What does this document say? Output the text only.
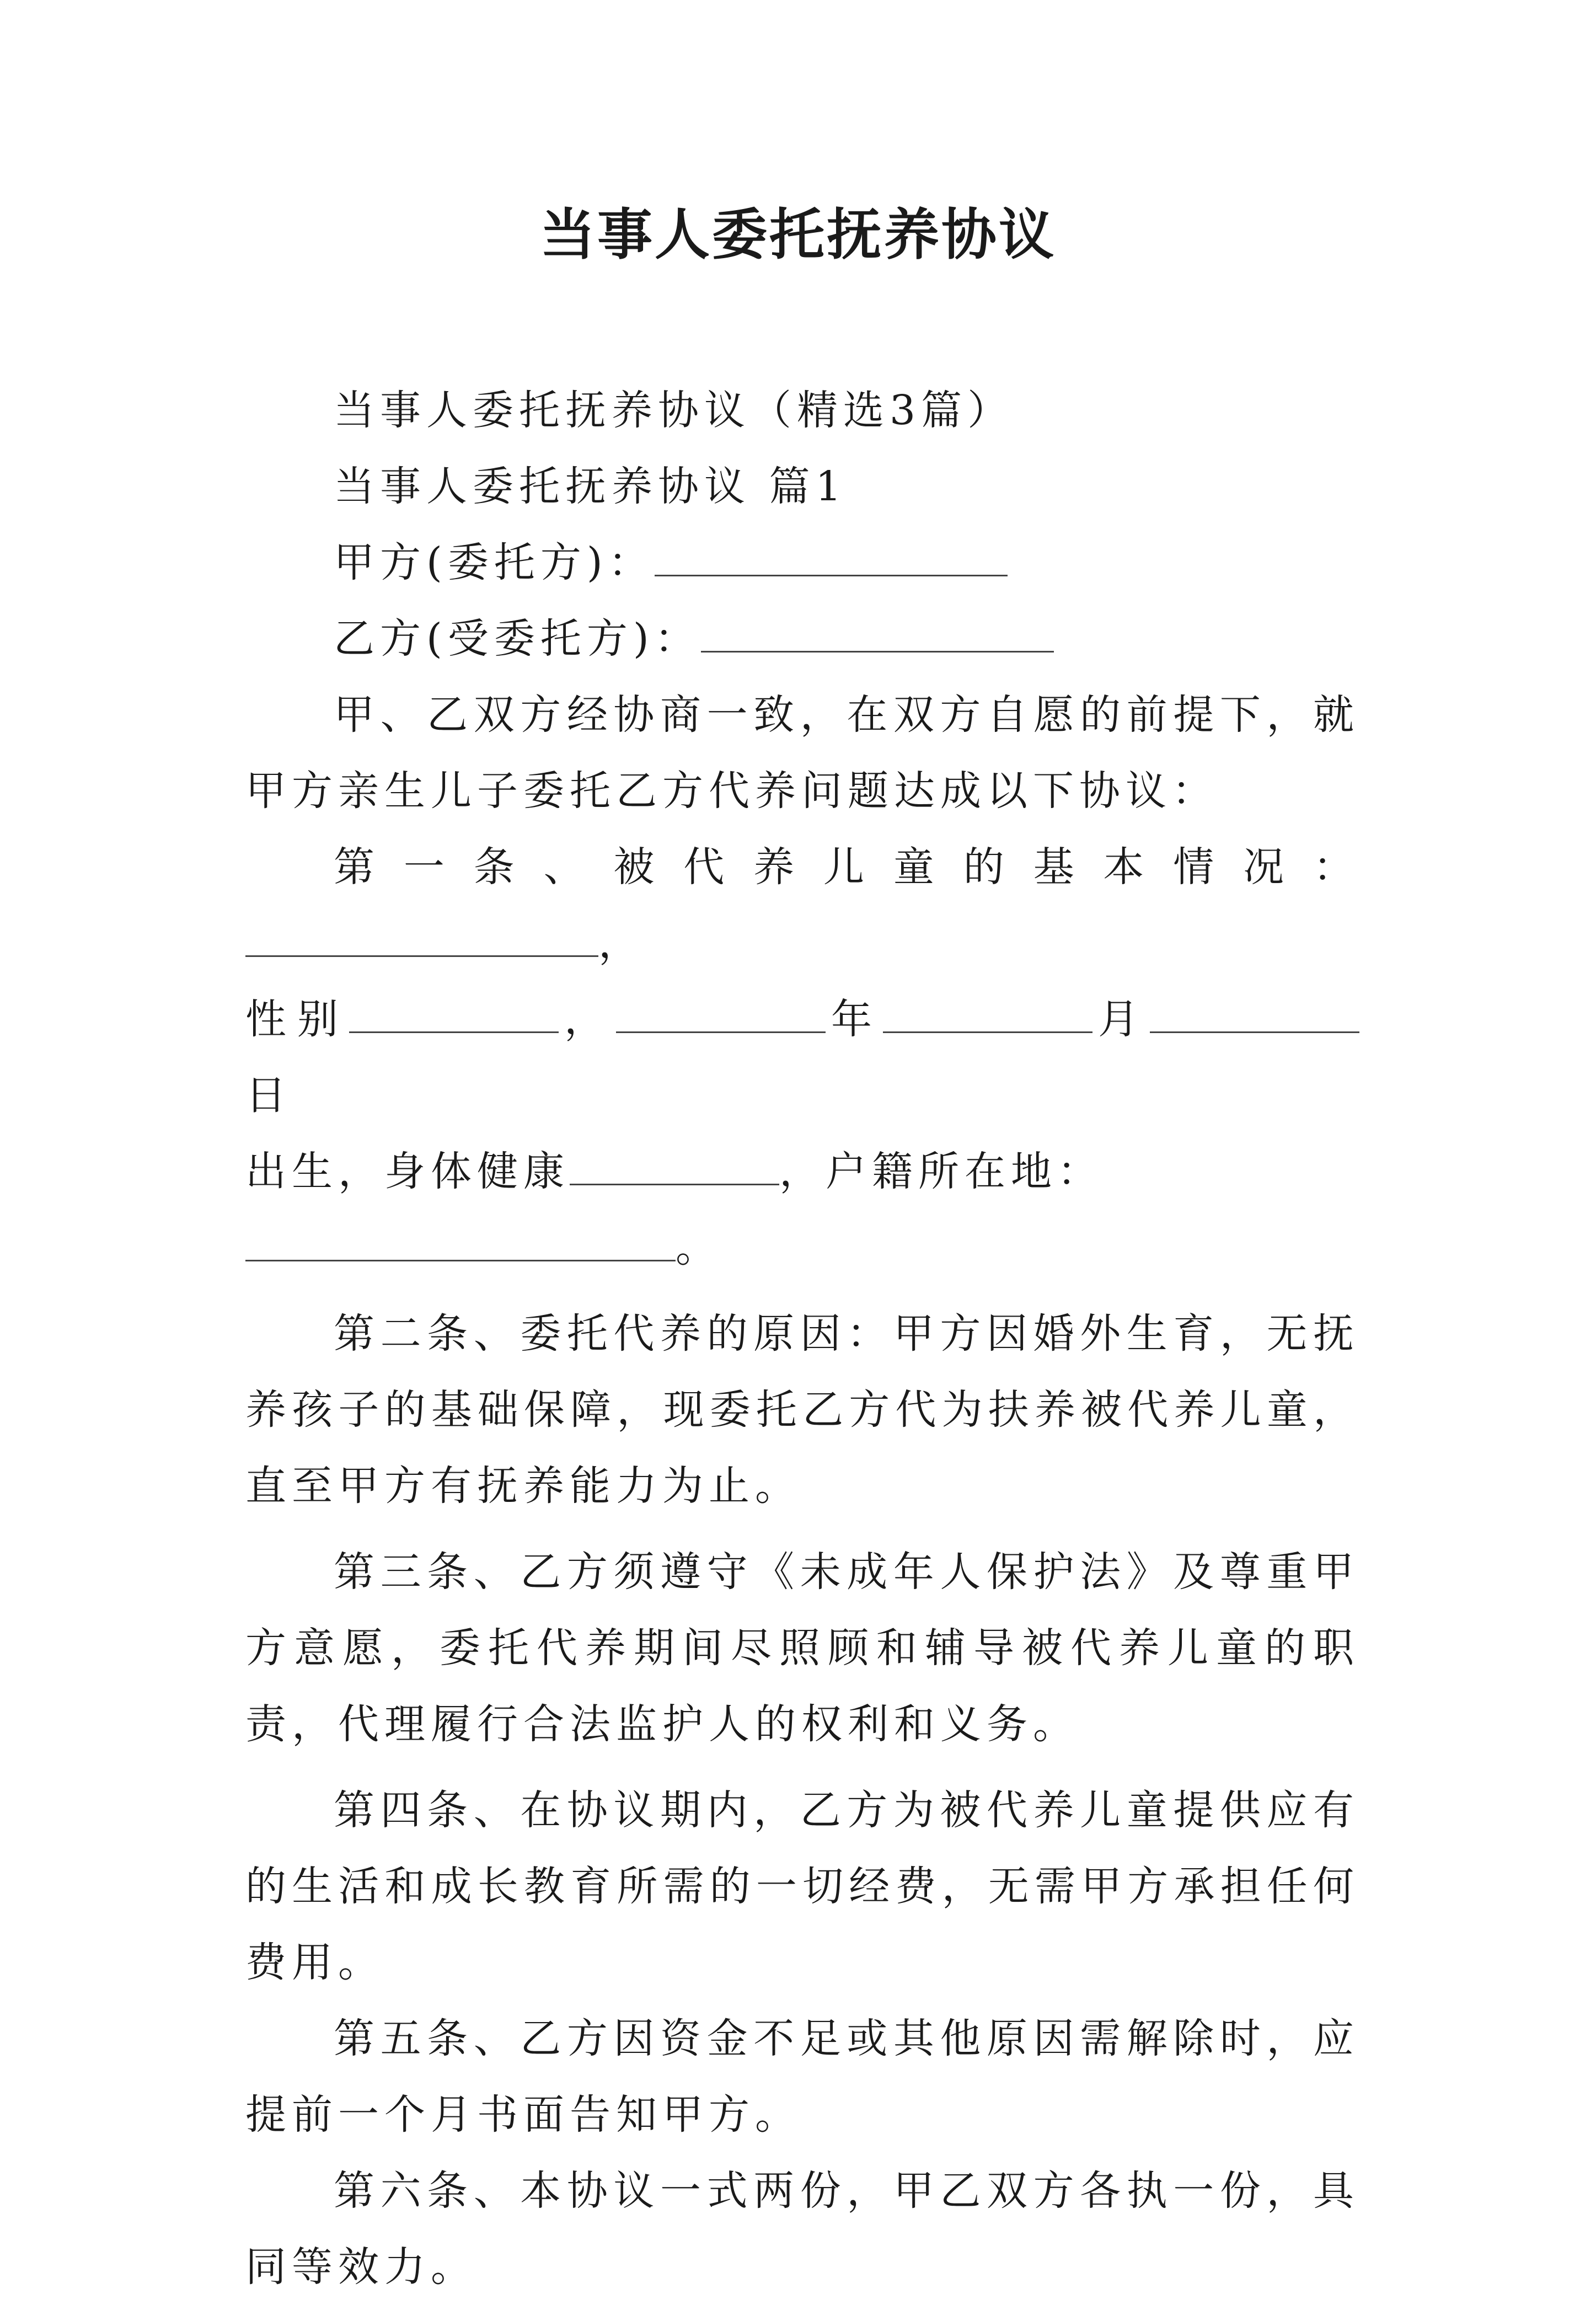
当事人委托抚养协议

当事人委托抚养协议（精选3篇）

当事人委托抚养协议 篇1

甲方(委托方)：

乙方(受委托方)：

甲、乙双方经协商一致，在双方自愿的前提下，就甲方亲生儿子委托乙方代养问题达成以下协议：

第一条、被代养儿童的基本情况：，

性别	，	年	月日

出生，身体健康	，户籍所在地：

。

第二条、委托代养的原因：甲方因婚外生育，无抚养孩子的基础保障，现委托乙方代为扶养被代养儿童，直至甲方有抚养能力为止。

第三条、乙方须遵守《未成年人保护法》及尊重甲方意愿，委托代养期间尽照顾和辅导被代养儿童的职责，代理履行合法监护人的权利和义务。

第四条、在协议期内，乙方为被代养儿童提供应有的生活和成长教育所需的一切经费，无需甲方承担任何费用。

第五条、乙方因资金不足或其他原因需解除时，应提前一个月书面告知甲方。

第六条、本协议一式两份，甲乙双方各执一份，具同等效力。
